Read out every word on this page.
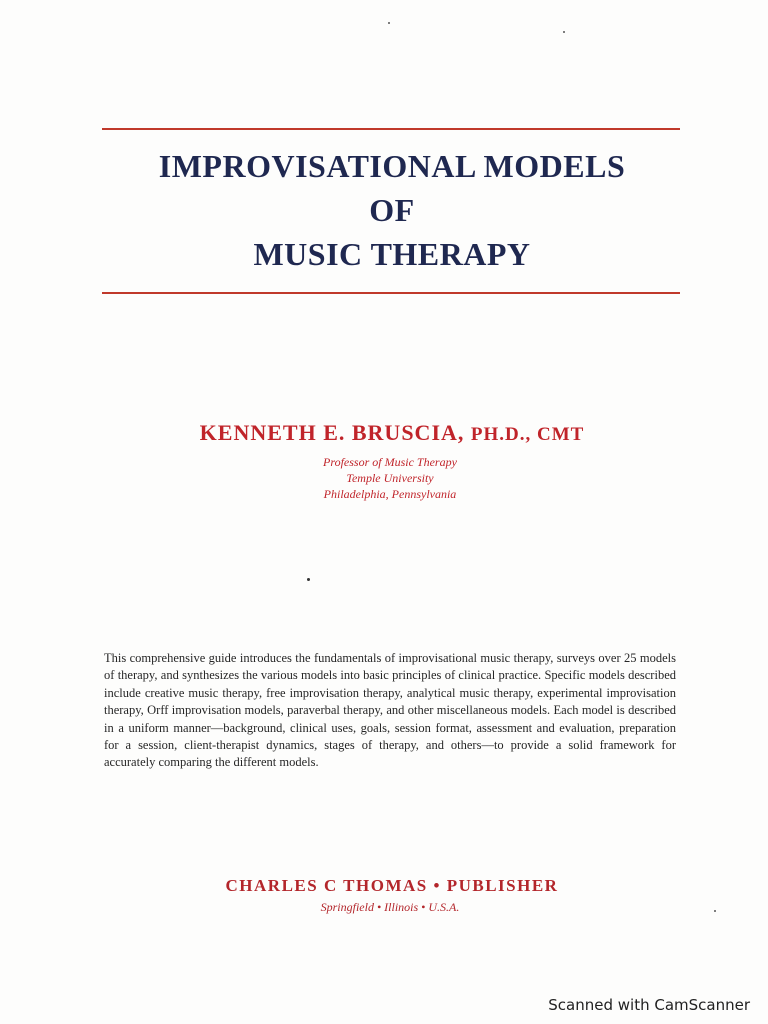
IMPROVISATIONAL MODELS
OF
MUSIC THERAPY
KENNETH E. BRUSCIA, PH.D., CMT
Professor of Music Therapy
Temple University
Philadelphia, Pennsylvania
This comprehensive guide introduces the fundamentals of improvisational music therapy, surveys over 25 models of therapy, and synthesizes the various models into basic principles of clinical practice. Specific models described include creative music therapy, free improvisation therapy, analytical music therapy, experimental improvisation therapy, Orff improvisation models, paraverbal therapy, and other miscellaneous models. Each model is described in a uniform manner—background, clinical uses, goals, session format, assessment and evaluation, preparation for a session, client-therapist dynamics, stages of therapy, and others—to provide a solid framework for accurately comparing the different models.
CHARLES C THOMAS • PUBLISHER
Springfield • Illinois • U.S.A.
Scanned with CamScanner
